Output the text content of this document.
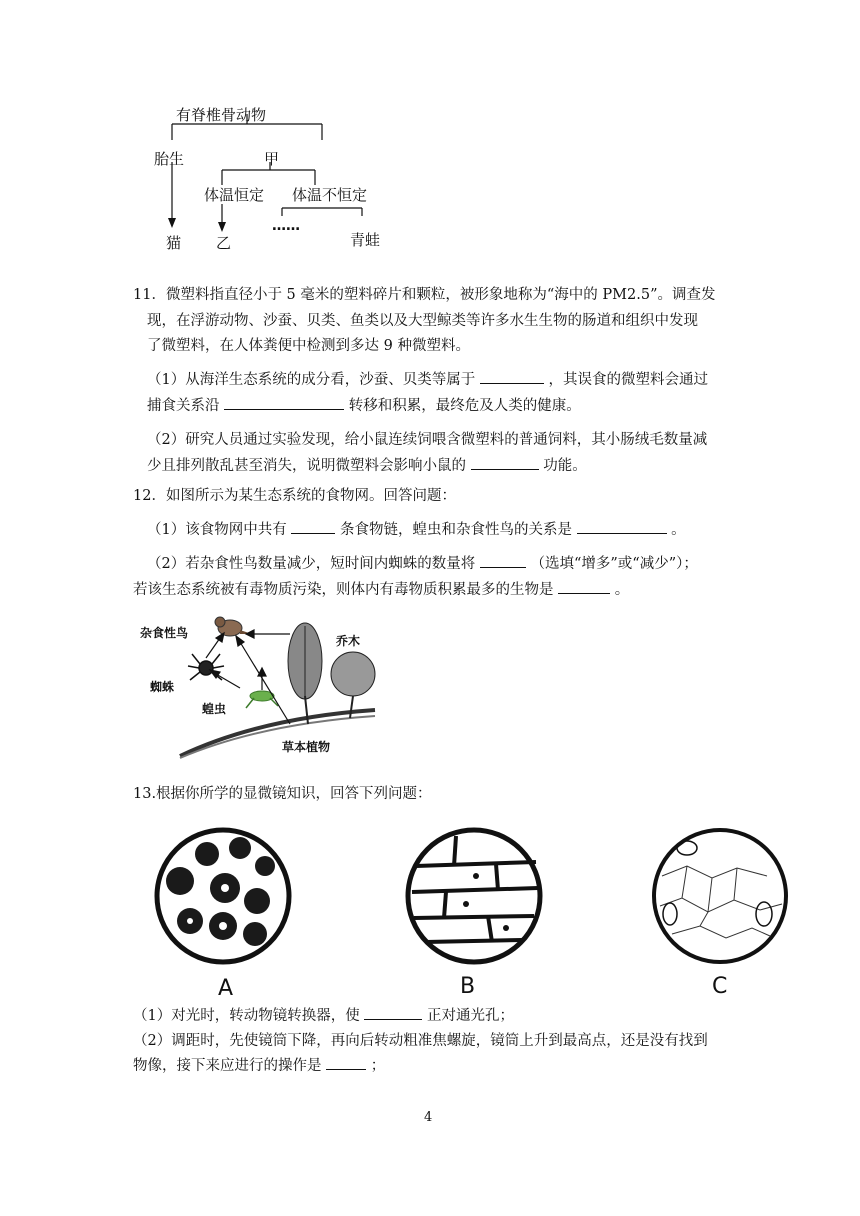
有脊椎骨动物
胎生	甲
体温恒定 体温不恒定
猫 乙
……
青蛙
11．微塑料指直径小于 5 毫米的塑料碎片和颗粒，被形象地称为“海中的 PM2.5”。调查发
现，在浮游动物、沙蚕、贝类、鱼类以及大型鲸类等许多水生生物的肠道和组织中发现
了微塑料，在人体粪便中检测到多达 9 种微塑料。
（1）从海洋生态系统的成分看，沙蚕、贝类等属于	，其误食的微塑料会通过
捕食关系沿	转移和积累，最终危及人类的健康。
（2）研究人员通过实验发现，给小鼠连续饲喂含微塑料的普通饲料，其小肠绒毛数量减
少且排列散乱甚至消失，说明微塑料会影响小鼠的	功能。
12．如图所示为某生态系统的食物网。回答问题：
（1）该食物网中共有	条食物链，蝗虫和杂食性鸟的关系是	。
（2）若杂食性鸟数量减少，短时间内蜘蛛的数量将	（选填“增多”或“减少”）；
若该生态系统被有毒物质污染，则体内有毒物质积累最多的生物是	。
杂食性鸟
乔木
蜘蛛
蝗虫
草本植物
13.根据你所学的显微镜知识，回答下列问题：
A	B	C
（1）对光时，转动物镜转换器，使	正对通光孔；
（2）调距时，先使镜筒下降，再向后转动粗准焦螺旋，镜筒上升到最高点，还是没有找到
物像，接下来应进行的操作是	；
4
